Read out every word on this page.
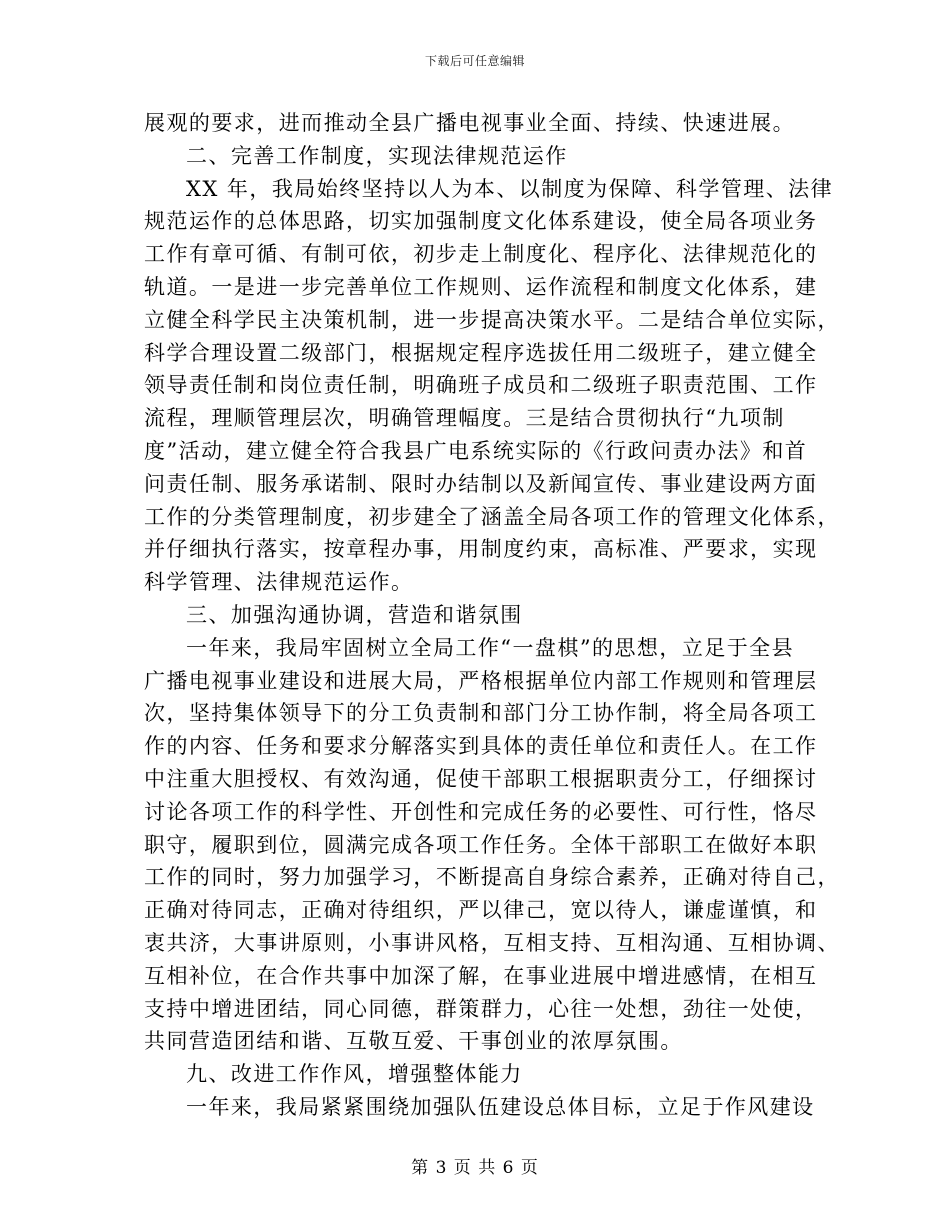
下载后可任意编辑
展观的要求，进而推动全县广播电视事业全面、持续、快速进展。
二、完善工作制度，实现法律规范运作
XX 年，我局始终坚持以人为本、以制度为保障、科学管理、法律
规范运作的总体思路，切实加强制度文化体系建设，使全局各项业务
工作有章可循、有制可依，初步走上制度化、程序化、法律规范化的
轨道。一是进一步完善单位工作规则、运作流程和制度文化体系，建
立健全科学民主决策机制，进一步提高决策水平。二是结合单位实际，
科学合理设置二级部门，根据规定程序选拔任用二级班子，建立健全
领导责任制和岗位责任制，明确班子成员和二级班子职责范围、工作
流程，理顺管理层次，明确管理幅度。三是结合贯彻执行“九项制
度”活动，建立健全符合我县广电系统实际的《行政问责办法》和首
问责任制、服务承诺制、限时办结制以及新闻宣传、事业建设两方面
工作的分类管理制度，初步建全了涵盖全局各项工作的管理文化体系，
并仔细执行落实，按章程办事，用制度约束，高标准、严要求，实现
科学管理、法律规范运作。
三、加强沟通协调，营造和谐氛围
一年来，我局牢固树立全局工作“一盘棋”的思想，立足于全县
广播电视事业建设和进展大局，严格根据单位内部工作规则和管理层
次，坚持集体领导下的分工负责制和部门分工协作制，将全局各项工
作的内容、任务和要求分解落实到具体的责任单位和责任人。在工作
中注重大胆授权、有效沟通，促使干部职工根据职责分工，仔细探讨
讨论各项工作的科学性、开创性和完成任务的必要性、可行性，恪尽
职守，履职到位，圆满完成各项工作任务。全体干部职工在做好本职
工作的同时，努力加强学习，不断提高自身综合素养，正确对待自己，
正确对待同志，正确对待组织，严以律己，宽以待人，谦虚谨慎，和
衷共济，大事讲原则，小事讲风格，互相支持、互相沟通、互相协调、
互相补位，在合作共事中加深了解，在事业进展中增进感情，在相互
支持中增进团结，同心同德，群策群力，心往一处想，劲往一处使，
共同营造团结和谐、互敬互爱、干事创业的浓厚氛围。
九、改进工作作风，增强整体能力
一年来，我局紧紧围绕加强队伍建设总体目标，立足于作风建设
第 3 页 共 6 页
